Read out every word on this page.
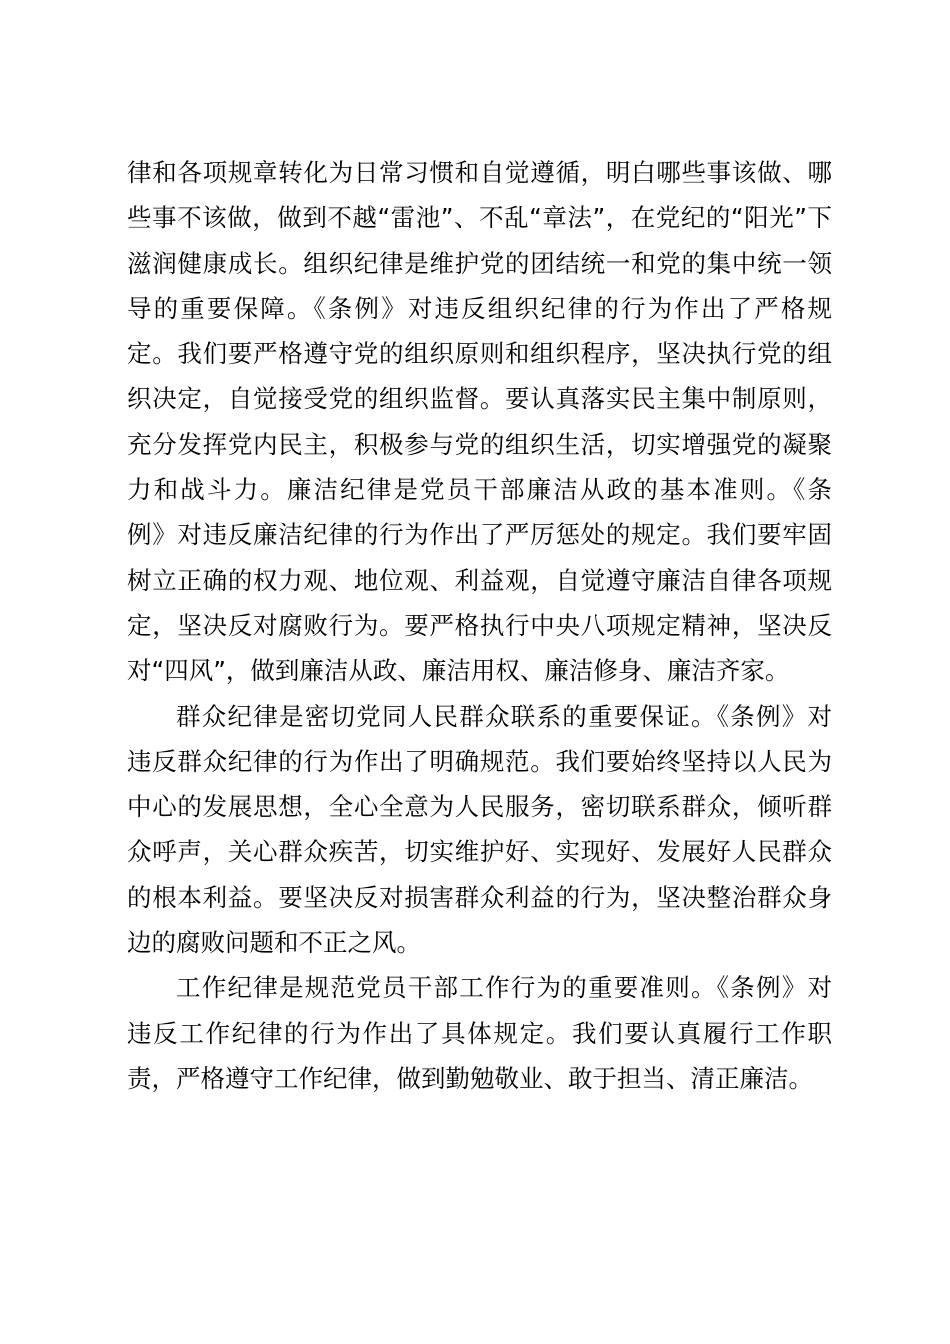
律和各项规章转化为日常习惯和自觉遵循，明白哪些事该做、哪
些事不该做，做到不越“雷池”、不乱“章法”，在党纪的“阳光”下
滋润健康成长。组织纪律是维护党的团结统一和党的集中统一领
导的重要保障。《条例》对违反组织纪律的行为作出了严格规
定。我们要严格遵守党的组织原则和组织程序，坚决执行党的组
织决定，自觉接受党的组织监督。要认真落实民主集中制原则，
充分发挥党内民主，积极参与党的组织生活，切实增强党的凝聚
力和战斗力。廉洁纪律是党员干部廉洁从政的基本准则。《条
例》对违反廉洁纪律的行为作出了严厉惩处的规定。我们要牢固
树立正确的权力观、地位观、利益观，自觉遵守廉洁自律各项规
定，坚决反对腐败行为。要严格执行中央八项规定精神，坚决反
对“四风”，做到廉洁从政、廉洁用权、廉洁修身、廉洁齐家。
群众纪律是密切党同人民群众联系的重要保证。《条例》对
违反群众纪律的行为作出了明确规范。我们要始终坚持以人民为
中心的发展思想，全心全意为人民服务，密切联系群众，倾听群
众呼声，关心群众疾苦，切实维护好、实现好、发展好人民群众
的根本利益。要坚决反对损害群众利益的行为，坚决整治群众身
边的腐败问题和不正之风。
工作纪律是规范党员干部工作行为的重要准则。《条例》对
违反工作纪律的行为作出了具体规定。我们要认真履行工作职
责，严格遵守工作纪律，做到勤勉敬业、敢于担当、清正廉洁。
